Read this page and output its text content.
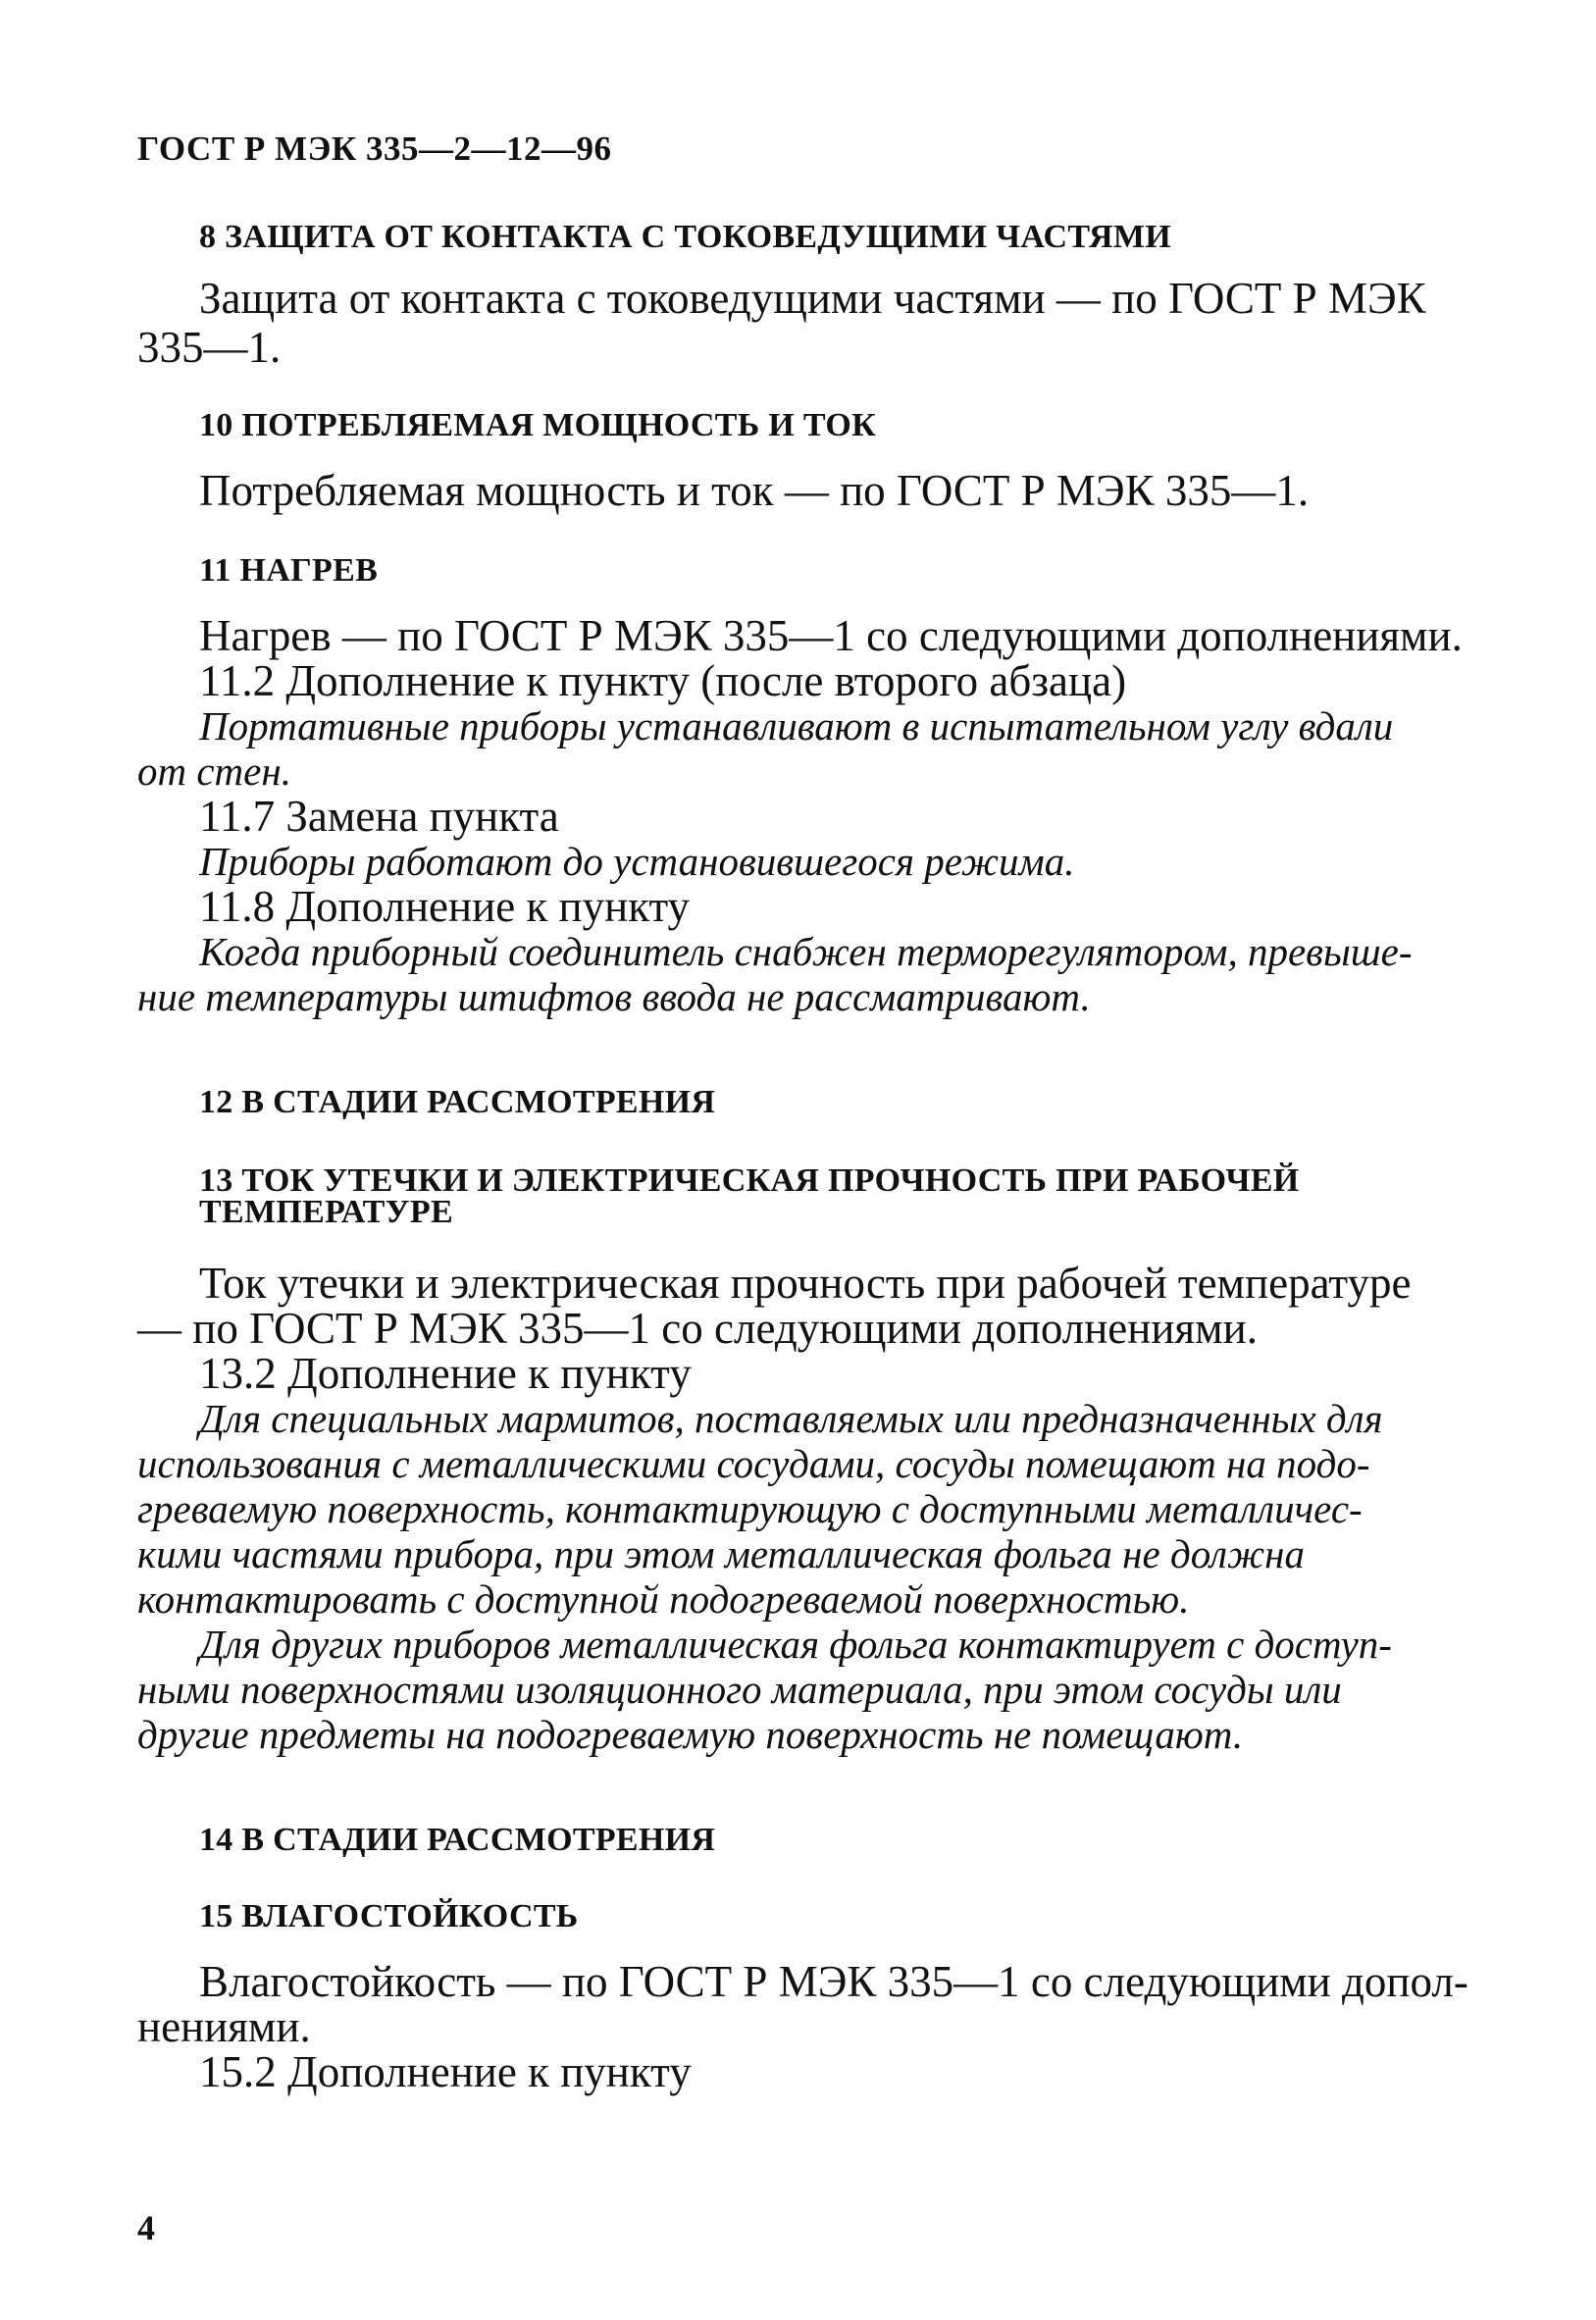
ГОСТ Р МЭК 335—2—12—96
8 ЗАЩИТА ОТ КОНТАКТА С ТОКОВЕДУЩИМИ ЧАСТЯМИ
Защита от контакта с токоведущими частями — по ГОСТ Р МЭК
335—1.
10 ПОТРЕБЛЯЕМАЯ МОЩНОСТЬ И ТОК
Потребляемая мощность и ток — по ГОСТ Р МЭК 335—1.
11 НАГРЕВ
Нагрев — по ГОСТ Р МЭК 335—1 со следующими дополнениями.
11.2 Дополнение к пункту (после второго абзаца)
Портативные приборы устанавливают в испытательном углу вдали
от стен.
11.7 Замена пункта
Приборы работают до установившегося режима.
11.8 Дополнение к пункту
Когда приборный соединитель снабжен терморегулятором, превыше-
ние температуры штифтов ввода не рассматривают.
12 В СТАДИИ РАССМОТРЕНИЯ
13 ТОК УТЕЧКИ И ЭЛЕКТРИЧЕСКАЯ ПРОЧНОСТЬ ПРИ РАБОЧЕЙ
ТЕМПЕРАТУРЕ
Ток утечки и электрическая прочность при рабочей температуре
— по ГОСТ Р МЭК 335—1 со следующими дополнениями.
13.2 Дополнение к пункту
Для специальных мармитов, поставляемых или предназначенных для
использования с металлическими сосудами, сосуды помещают на подо-
греваемую поверхность, контактирующую с доступными металличес-
кими частями прибора, при этом металлическая фольга не должна
контактировать с доступной подогреваемой поверхностью.
Для других приборов металлическая фольга контактирует с доступ-
ными поверхностями изоляционного материала, при этом сосуды или
другие предметы на подогреваемую поверхность не помещают.
14 В СТАДИИ РАССМОТРЕНИЯ
15 ВЛАГОСТОЙКОСТЬ
Влагостойкость — по ГОСТ Р МЭК 335—1 со следующими допол-
нениями.
15.2 Дополнение к пункту
4
